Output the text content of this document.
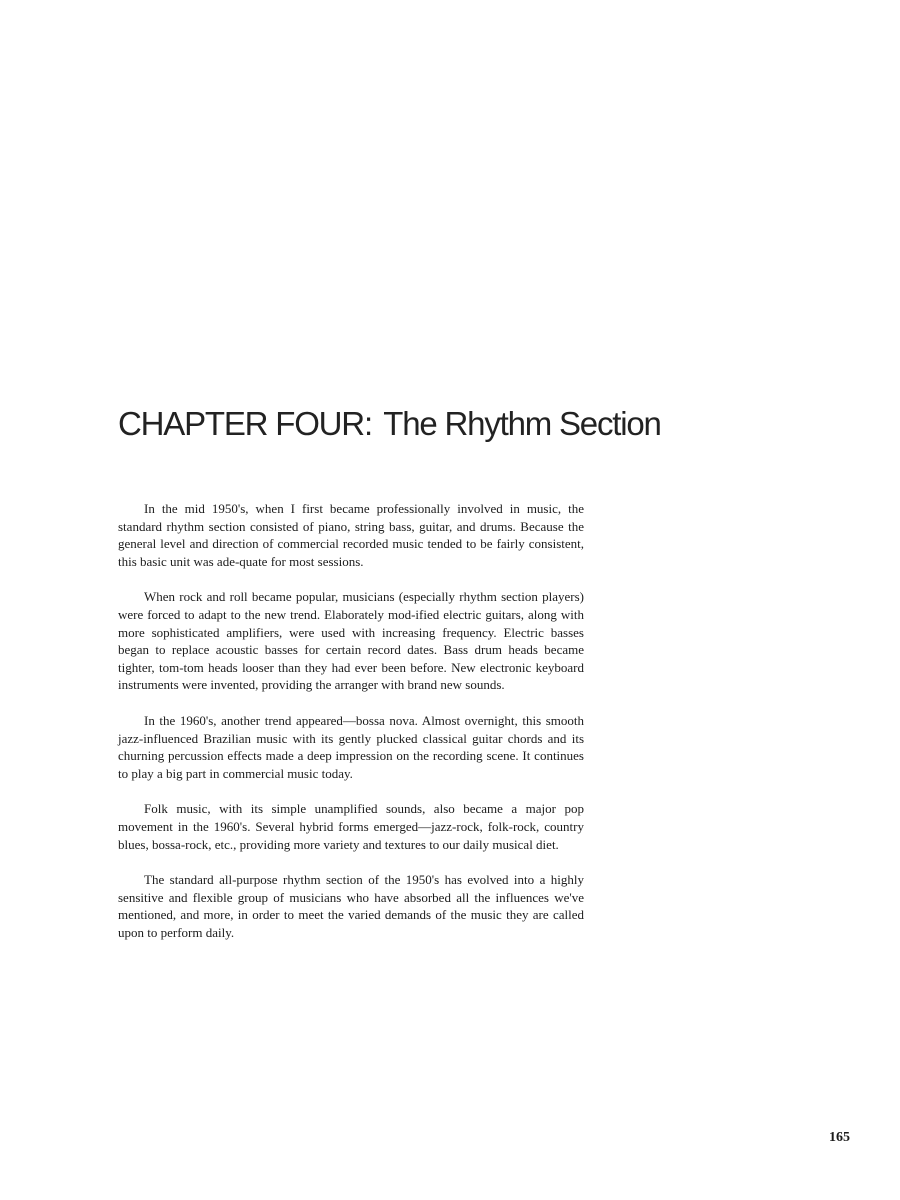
CHAPTER FOUR: The Rhythm Section

In the mid 1950's, when I first became professionally involved in music, the standard rhythm section consisted of piano, string bass, guitar, and drums. Because the general level and direction of commercial recorded music tended to be fairly consistent, this basic unit was ade-quate for most sessions.

When rock and roll became popular, musicians (especially rhythm section players) were forced to adapt to the new trend. Elaborately mod-ified electric guitars, along with more sophisticated amplifiers, were used with increasing frequency. Electric basses began to replace acoustic basses for certain record dates. Bass drum heads became tighter, tom-tom heads looser than they had ever been before. New electronic keyboard instruments were invented, providing the arranger with brand new sounds.

In the 1960's, another trend appeared—bossa nova. Almost overnight, this smooth jazz-influenced Brazilian music with its gently plucked classical guitar chords and its churning percussion effects made a deep impression on the recording scene. It continues to play a big part in commercial music today.

Folk music, with its simple unamplified sounds, also became a major pop movement in the 1960's. Several hybrid forms emerged—jazz-rock, folk-rock, country blues, bossa-rock, etc., providing more variety and textures to our daily musical diet.

The standard all-purpose rhythm section of the 1950's has evolved into a highly sensitive and flexible group of musicians who have absorbed all the influences we've mentioned, and more, in order to meet the varied demands of the music they are called upon to perform daily.

165
